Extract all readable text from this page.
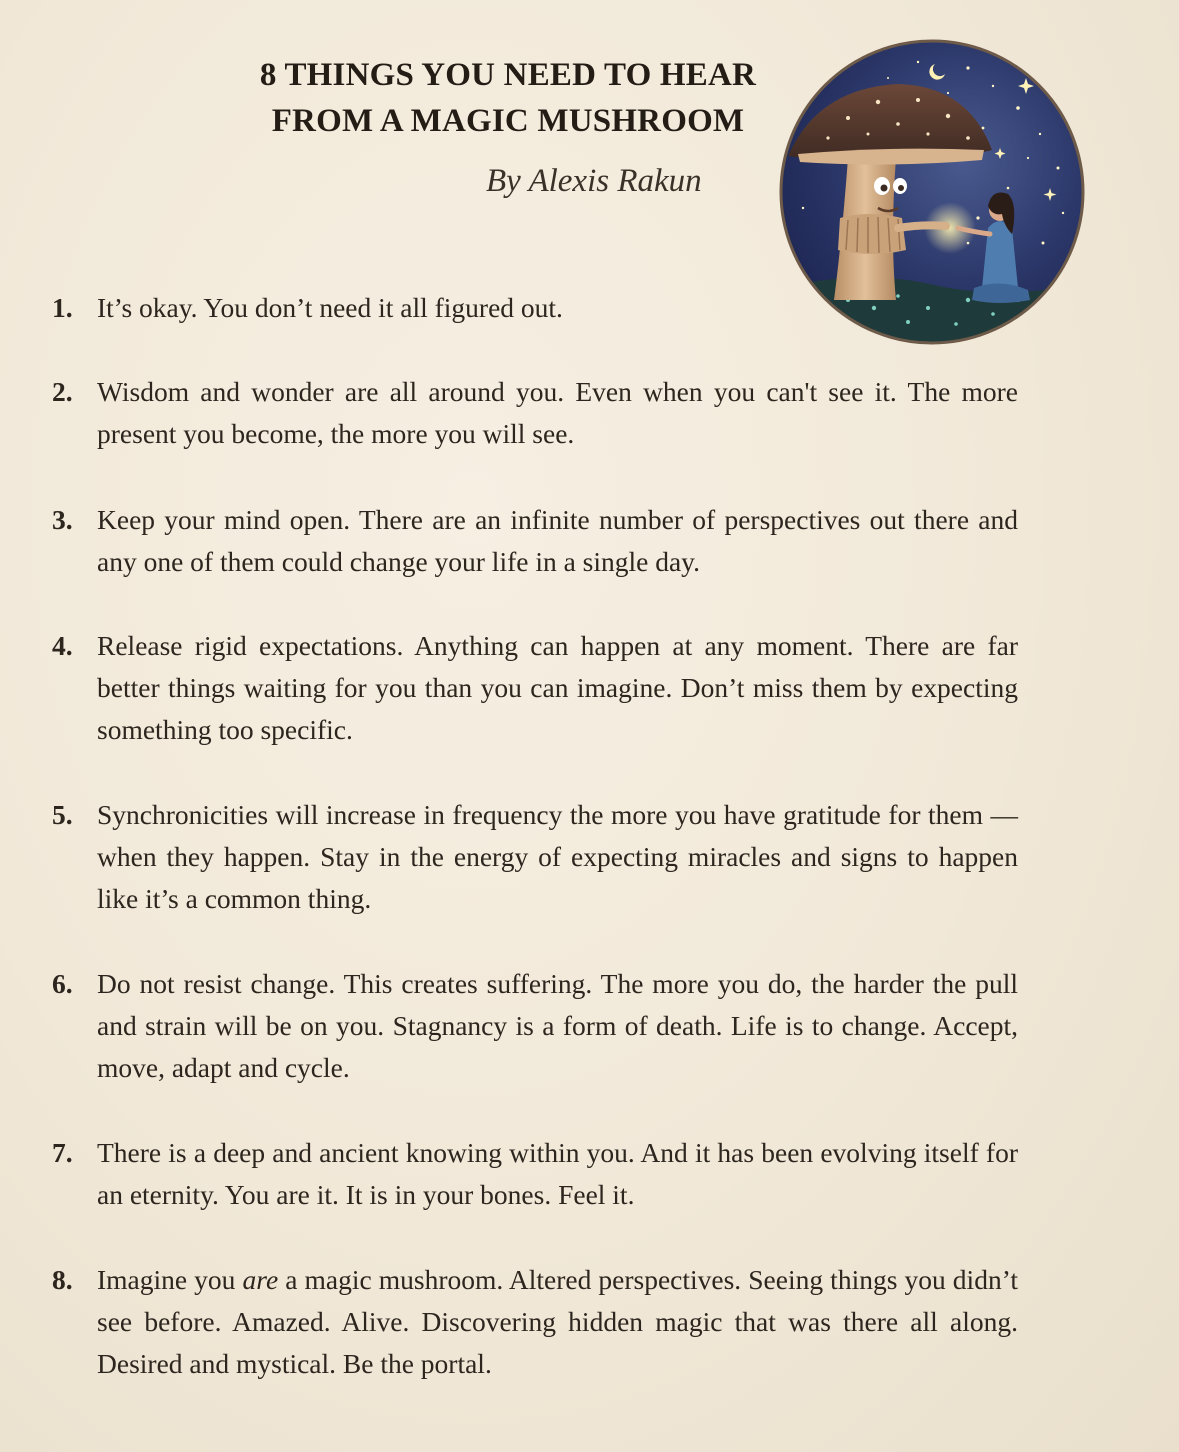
8 THINGS YOU NEED TO HEAR
FROM A MAGIC MUSHROOM
By Alexis Rakun
1. It’s okay. You don’t need it all figured out.
2. Wisdom and wonder are all around you. Even when you can't see it. The more present you become, the more you will see.
3. Keep your mind open. There are an infinite number of perspectives out there and any one of them could change your life in a single day.
4. Release rigid expectations. Anything can happen at any moment. There are far better things waiting for you than you can imagine. Don’t miss them by expecting something too specific.
5. Synchronicities will increase in frequency the more you have gratitude for them — when they happen. Stay in the energy of expecting miracles and signs to happen like it’s a common thing.
6. Do not resist change. This creates suffering. The more you do, the harder the pull and strain will be on you. Stagnancy is a form of death. Life is to change. Accept, move, adapt and cycle.
7. There is a deep and ancient knowing within you. And it has been evolving itself for an eternity. You are it. It is in your bones. Feel it.
8. Imagine you are a magic mushroom. Altered perspectives. Seeing things you didn’t see before. Amazed. Alive. Discovering hidden magic that was there all along. Desired and mystical. Be the portal.
